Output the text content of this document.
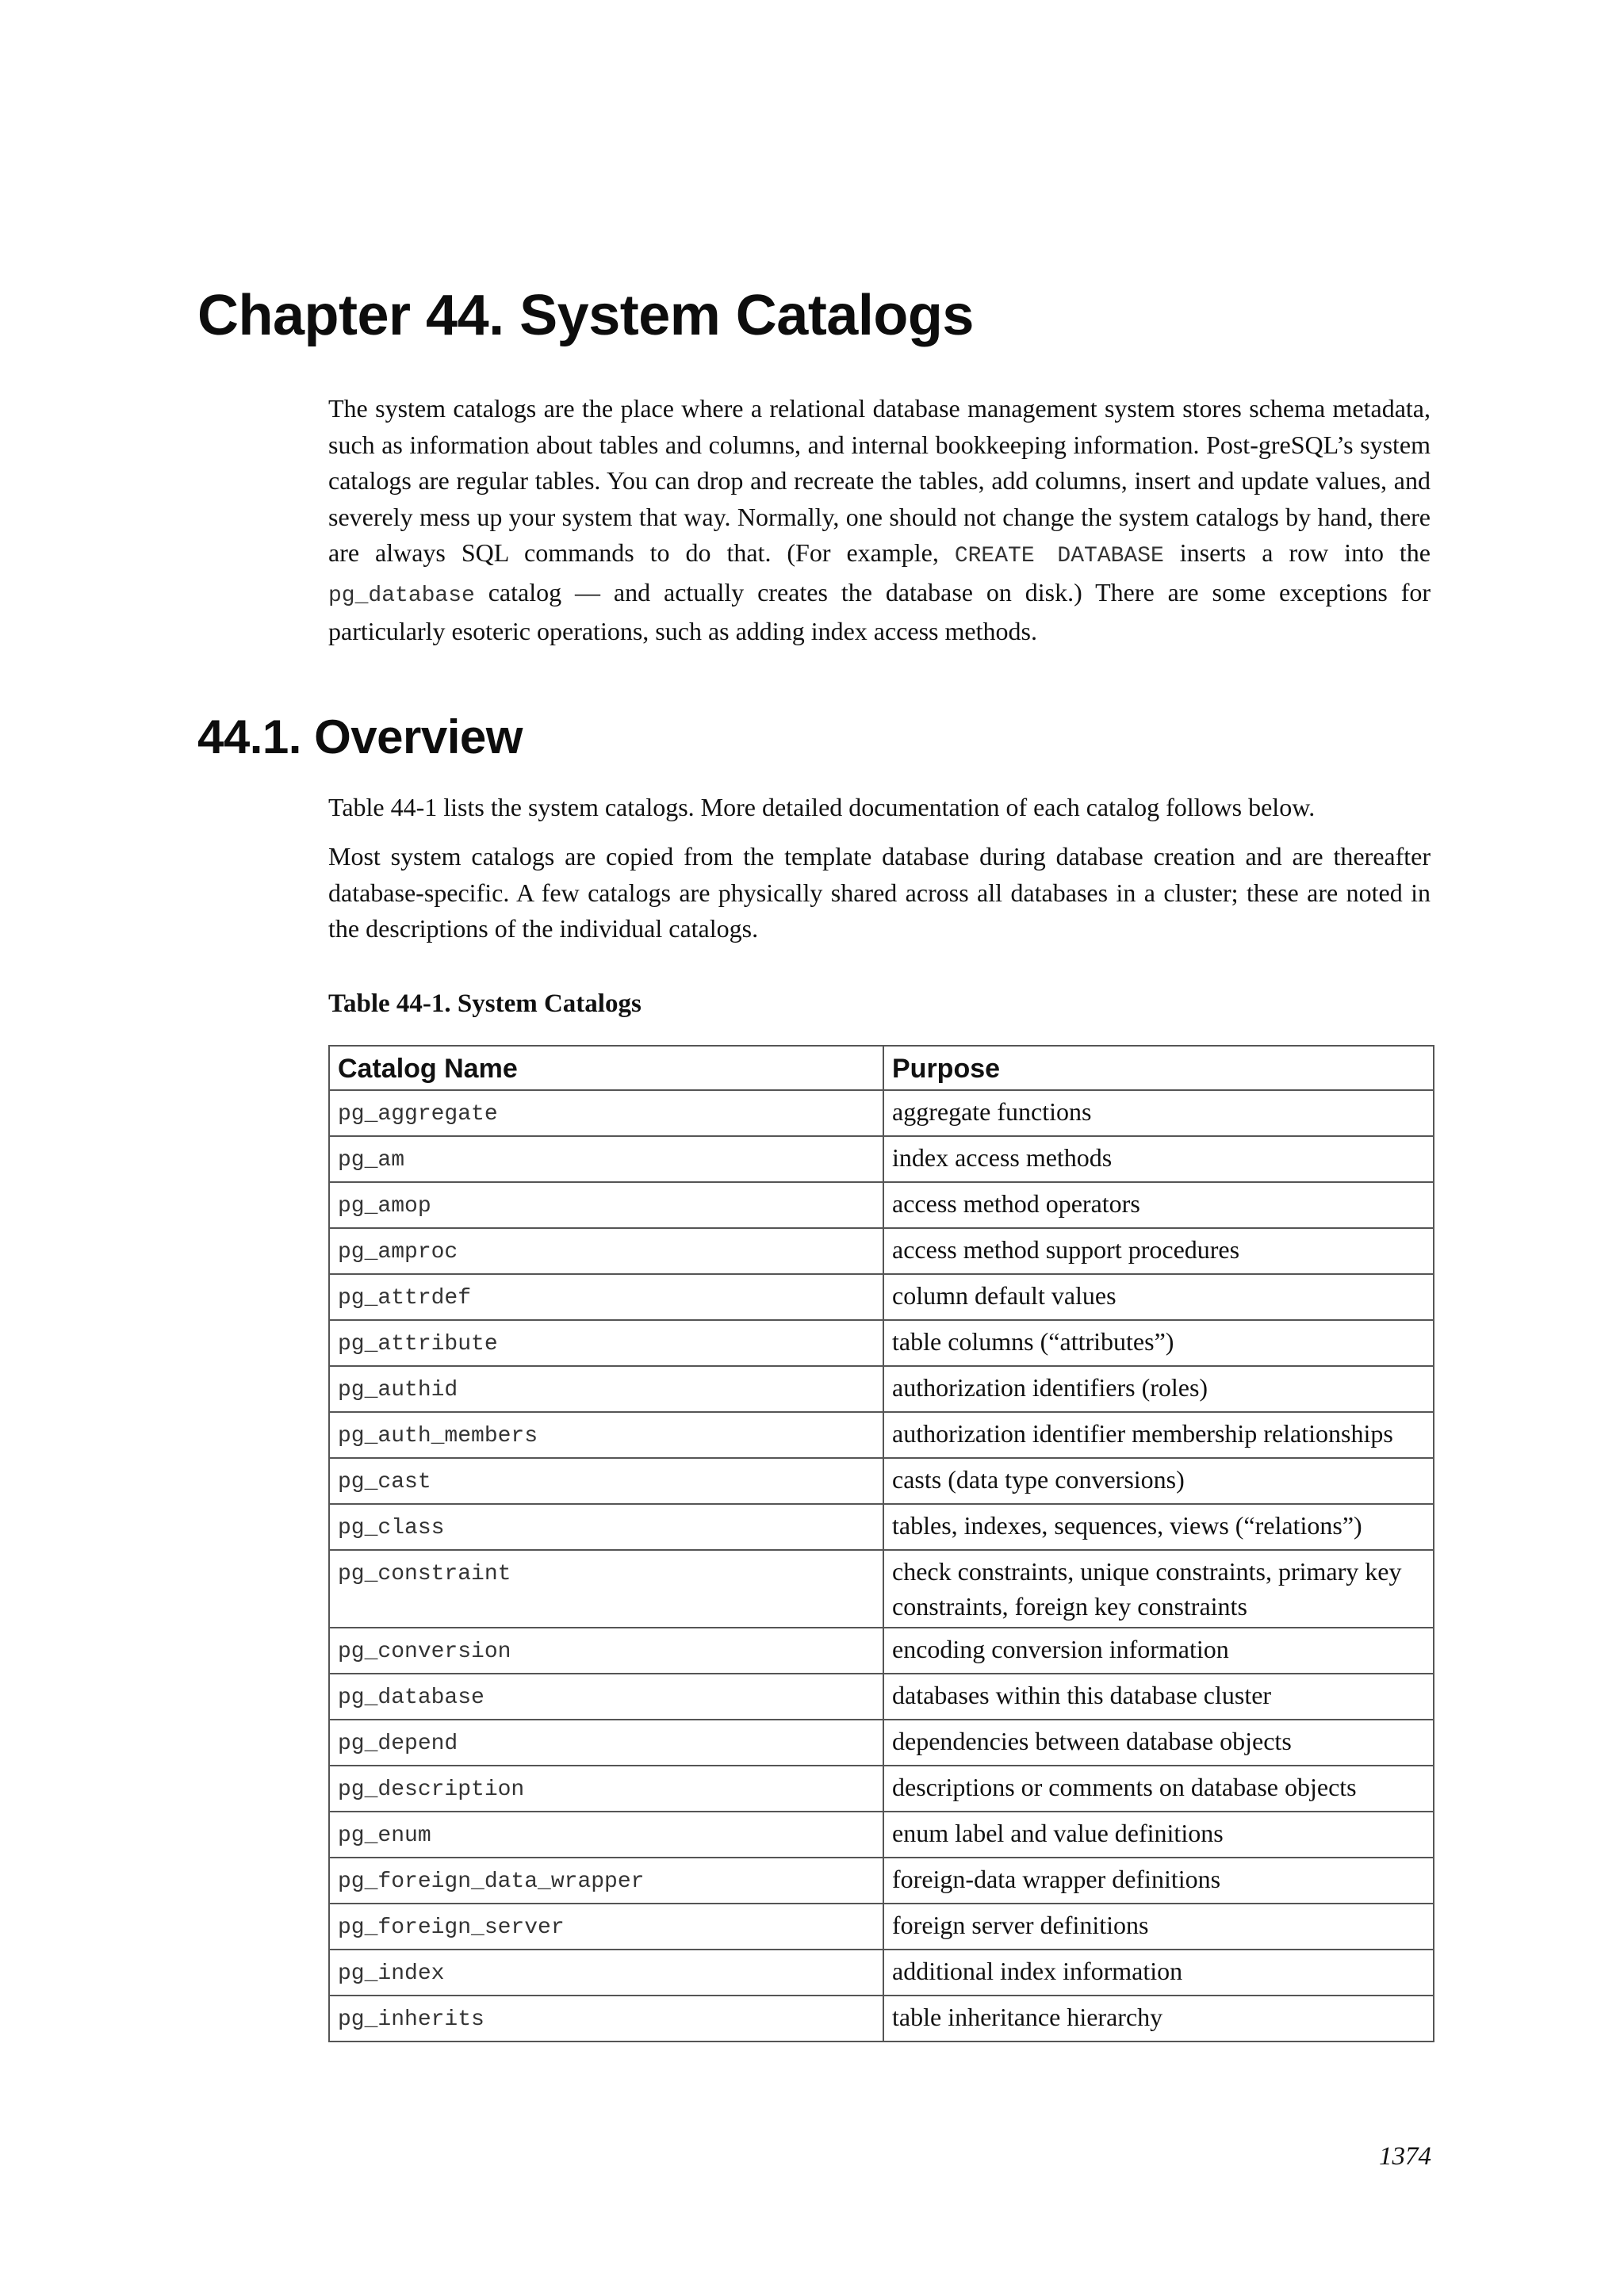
Chapter 44. System Catalogs

The system catalogs are the place where a relational database management system stores schema metadata, such as information about tables and columns, and internal bookkeeping information. Post-greSQL’s system catalogs are regular tables. You can drop and recreate the tables, add columns, insert and update values, and severely mess up your system that way. Normally, one should not change the system catalogs by hand, there are always SQL commands to do that. (For example, CREATE DATABASE inserts a row into the pg_database catalog — and actually creates the database on disk.) There are some exceptions for particularly esoteric operations, such as adding index access methods.

44.1. Overview

Table 44-1 lists the system catalogs. More detailed documentation of each catalog follows below.

Most system catalogs are copied from the template database during database creation and are thereafter database-specific. A few catalogs are physically shared across all databases in a cluster; these are noted in the descriptions of the individual catalogs.

Table 44-1. System Catalogs

Catalog Name	Purpose
pg_aggregate	aggregate functions
pg_am	index access methods
pg_amop	access method operators
pg_amproc	access method support procedures
pg_attrdef	column default values
pg_attribute	table columns (“attributes”)
pg_authid	authorization identifiers (roles)
pg_auth_members	authorization identifier membership relationships
pg_cast	casts (data type conversions)
pg_class	tables, indexes, sequences, views (“relations”)
pg_constraint	check constraints, unique constraints, primary key constraints, foreign key constraints
pg_conversion	encoding conversion information
pg_database	databases within this database cluster
pg_depend	dependencies between database objects
pg_description	descriptions or comments on database objects
pg_enum	enum label and value definitions
pg_foreign_data_wrapper	foreign-data wrapper definitions
pg_foreign_server	foreign server definitions
pg_index	additional index information
pg_inherits	table inheritance hierarchy

1374
